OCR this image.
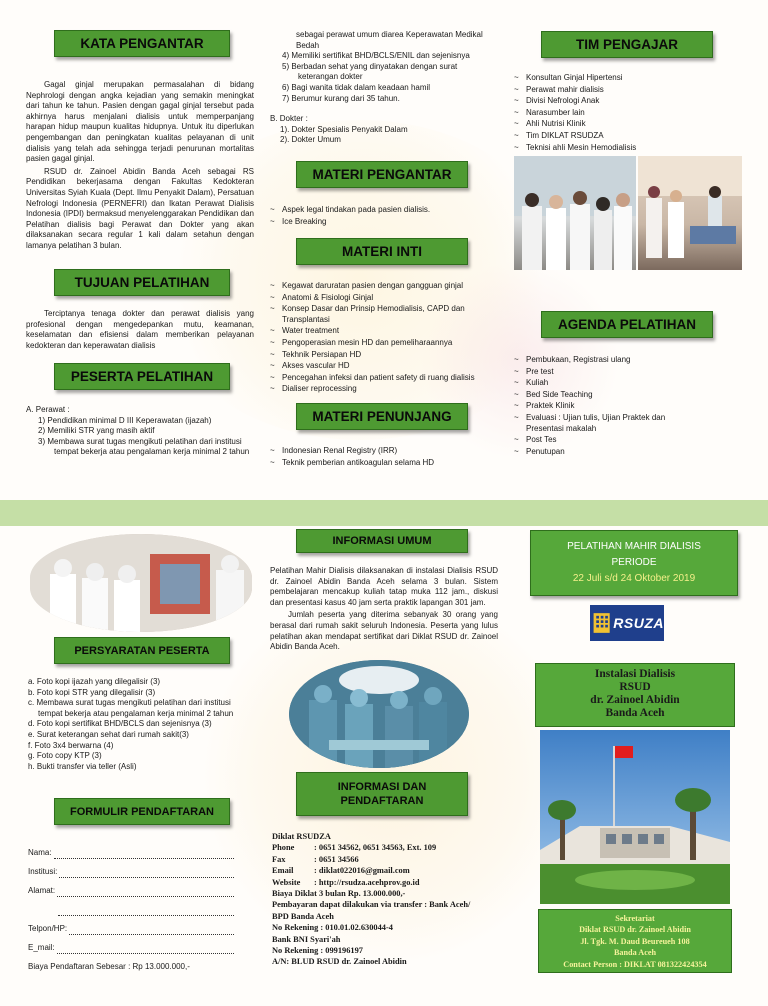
KATA PENGANTAR

Gagal ginjal merupakan permasalahan di bidang Nephrologi dengan angka kejadian yang semakin meningkat dari tahun ke tahun. Pasien dengan gagal ginjal tersebut pada akhirnya harus menjalani dialisis untuk memperpanjang harapan hidup maupun kualitas hidupnya. Untuk itu diperlukan pengembangan dan peningkatan kualitas pelayanan di unit dialisis yang telah ada sehingga terjadi penurunan mortalitas pasien gagal ginjal.

RSUD dr. Zainoel Abidin Banda Aceh sebagai RS Pendidikan bekerjasama dengan Fakultas Kedokteran Universitas Syiah Kuala (Dept. Ilmu Penyakit Dalam), Persatuan Nefrologi Indonesia (PERNEFRI) dan Ikatan Perawat Dialisis Indonesia (IPDI) bermaksud menyelenggarakan Pendidikan dan Pelatihan dialisis bagi Perawat dan Dokter yang akan dilaksanakan secara regular 1 kali dalam setahun dengan lamanya pelatihan 3 bulan.

TUJUAN PELATIHAN

Terciptanya tenaga dokter dan perawat dialisis yang profesional dengan mengedepankan mutu, keamanan, keselamatan dan efisiensi dalam memberikan pelayanan kedokteran dan keperawatan dialisis

PESERTA PELATIHAN
A. Perawat :
1) Pendidikan minimal D III Keperawatan (ijazah)
2) Memiliki STR yang masih aktif
3) Membawa surat tugas mengikuti pelatihan dari institusi tempat bekerja atau pengalaman kerja minimal 2 tahun
sebagai perawat umum diarea Keperawatan Medikal Bedah
4) Memiliki sertifikat BHD/BCLS/ENIL dan sejenisnya
5) Berbadan sehat yang dinyatakan dengan surat keterangan dokter
6) Bagi wanita tidak dalam keadaan hamil
7) Berumur kurang dari 35 tahun.
B. Dokter :
1). Dokter Spesialis Penyakit Dalam
2). Dokter Umum
MATERI PENGANTAR
~ Aspek legal tindakan pada pasien dialisis.
~ Ice Breaking
MATERI INTI
~ Kegawat daruratan pasien dengan gangguan ginjal
~ Anatomi & Fisiologi Ginjal
~ Konsep Dasar dan Prinsip Hemodialisis, CAPD dan Transplantasi
~ Water treatment
~ Pengoperasian mesin HD dan pemeliharaannya
~ Tekhnik Persiapan HD
~ Akses vascular HD
~ Pencegahan infeksi dan patient safety di ruang dialisis
~ Dialiser reprocessing
MATERI PENUNJANG
~ Indonesian Renal Registry (IRR)
~ Teknik pemberian antikoagulan selama HD
TIM PENGAJAR
~ Konsultan Ginjal Hipertensi
~ Perawat mahir dialisis
~ Divisi Nefrologi Anak
~ Narasumber lain
~ Ahli Nutrisi Klinik
~ Tim DIKLAT RSUDZA
~ Teknisi ahli Mesin Hemodialisis
AGENDA PELATIHAN
~ Pembukaan, Registrasi ulang
~ Pre test
~ Kuliah
~ Bed Side Teaching
~ Praktek Klinik
~ Evaluasi : Ujian tulis, Ujian Praktek dan Presentasi makalah
~ Post Tes
~ Penutupan
PERSYARATAN PESERTA
a. Foto kopi ijazah yang dilegalisir (3)
b. Foto kopi STR yang dilegalisir (3)
c. Membawa surat tugas mengikuti pelatihan dari institusi tempat bekerja atau pengalaman kerja minimal 2 tahun
d. Foto kopi sertifikat BHD/BCLS dan sejenisnya (3)
e. Surat keterangan sehat dari rumah sakit(3)
f. Foto 3x4 berwarna (4)
g. Foto copy KTP (3)
h. Bukti transfer via teller (Asli)
FORMULIR PENDAFTARAN
Nama:
Institusi:
Alamat:
Telpon/HP:
E_mail:
Biaya Pendaftaran Sebesar : Rp 13.000.000,-
INFORMASI UMUM

Pelatihan Mahir Dialisis dilaksanakan di instalasi Dialisis RSUD dr. Zainoel Abidin Banda Aceh selama 3 bulan. Sistem pembelajaran mencakup kuliah tatap muka 112 jam., diskusi dan presentasi kasus 40 jam serta praktik lapangan 301 jam.

Jumlah peserta yang diterima sebanyak 30 orang yang berasal dari rumah sakit seluruh Indonesia. Peserta yang lulus pelatihan akan mendapat sertifikat dari Diklat RSUD dr. Zainoel Abidin Banda Aceh.

INFORMASI DAN
PENDAFTARAN
Diklat RSUDZA
Phone : 0651 34562, 0651 34563, Ext. 109
Fax	: 0651 34566
Email : diklat022016@gmail.com
Website : http://rsudza.acehprov.go.id
Biaya Diklat 3 bulan Rp. 13.000.000,-
Pembayaran dapat dilakukan via transfer : Bank Aceh/
BPD Banda Aceh
No Rekening : 010.01.02.630044-4
Bank BNI Syari'ah
No Rekening : 099196197
A/N: BLUD RSUD dr. Zainoel Abidin
PELATIHAN MAHIR DIALISIS
PERIODE
22 Juli s/d 24 Oktober 2019
RSUZA
Instalasi Dialisis
RSUD
dr. Zainoel Abidin
Banda Aceh
Sekretariat
Diklat RSUD dr. Zainoel Abidin
Jl. Tgk. M. Daud Beureueh 108
Banda Aceh
Contact Person : DIKLAT 081322424354
